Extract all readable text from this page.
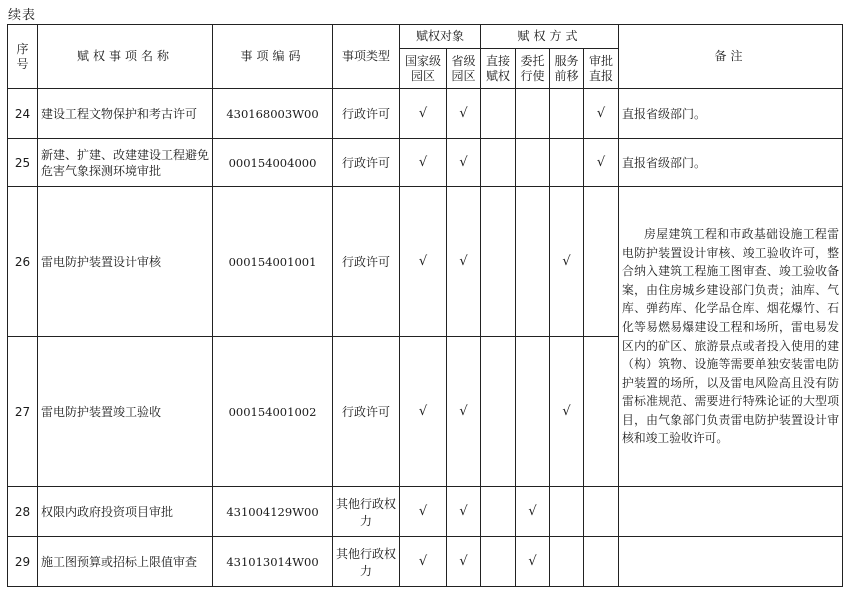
续表
序号	赋权事项名称	事项编码	事项类型	赋权对象		赋权方式				备注
				国家级园区	省级园区	直接赋权	委托行使	服务前移	审批直报	
24	建设工程文物保护和考古许可	430168003W00	行政许可	√	√				√	直报省级部门。
25	新建、扩建、改建建设工程避免危害气象探测环境审批	000154004000	行政许可	√	√				√	直报省级部门。
26	雷电防护装置设计审核	000154001001	行政许可	√	√			√		房屋建筑工程和市政基础设施工程雷电防护装置设计审核、竣工验收许可，整合纳入建筑工程施工图审查、竣工验收备案，由住房城乡建设部门负责；油库、气库、弹药库、化学品仓库、烟花爆竹、石化等易燃易爆建设工程和场所，雷电易发区内的矿区、旅游景点或者投入使用的建（构）筑物、设施等需要单独安装雷电防护装置的场所，以及雷电风险高且没有防雷标准规范、需要进行特殊论证的大型项目，由气象部门负责雷电防护装置设计审核和竣工验收许可。
27	雷电防护装置竣工验收	000154001002	行政许可	√	√			√		
28	权限内政府投资项目审批	431004129W00	其他行政权力	√	√		√			
29	施工图预算或招标上限值审查	431013014W00	其他行政权力	√	√		√			
